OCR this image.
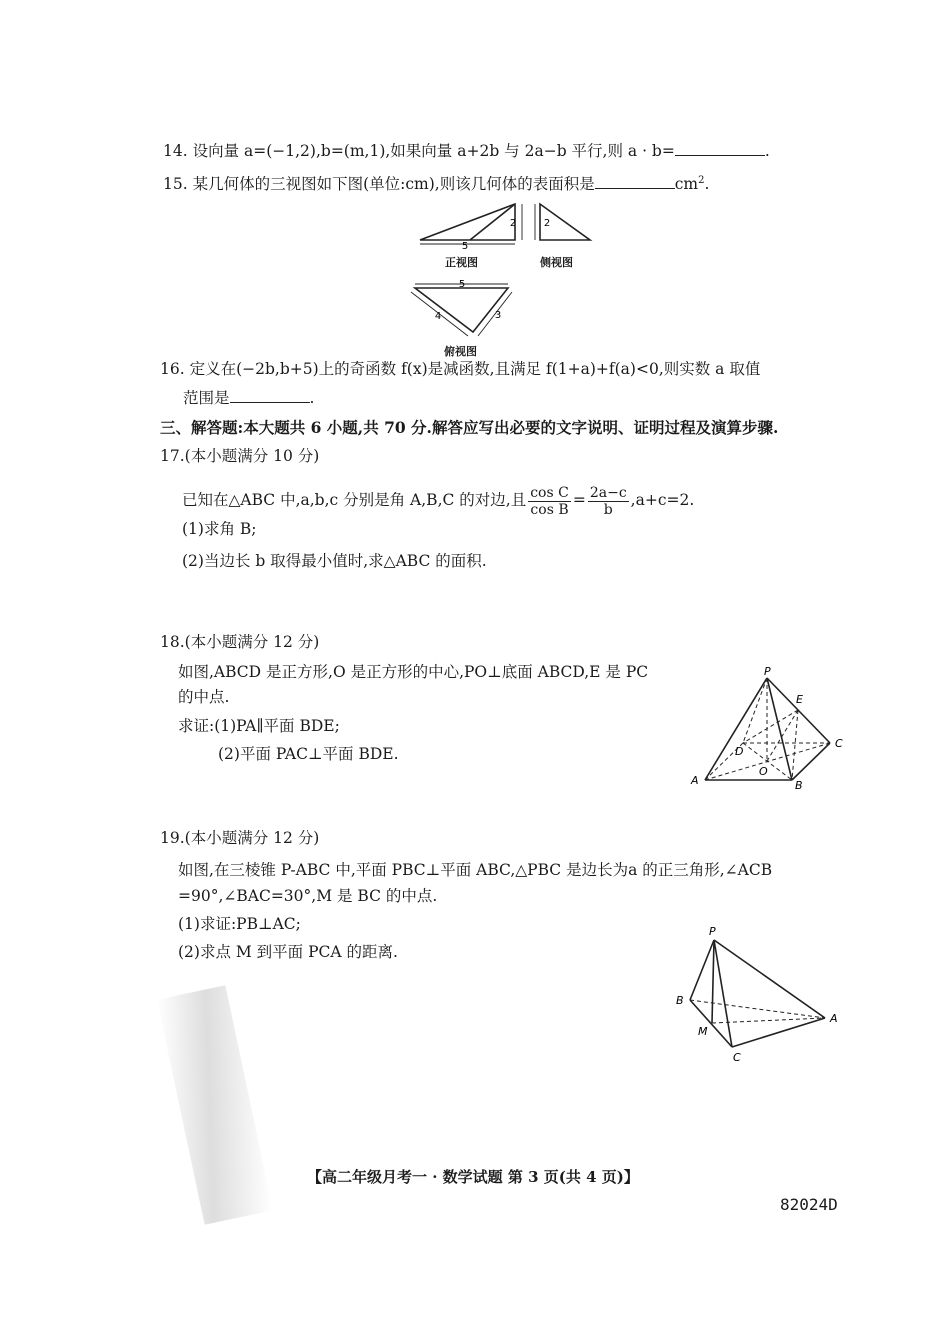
14. 设向量 a=(−1,2),b=(m,1),如果向量 a+2b 与 2a−b 平行,则 a · b=	.
15. 某几何体的三视图如下图(单位:cm),则该几何体的表面积是	$cm^2$.
5
2	2
5
4	3
正视图	侧视图
俯视图
16. 定义在(−2b,b+5)上的奇函数 f(x)是减函数,且满足 f(1+a)+f(a)<0,则实数 a 取值
范围是	.
三、解答题:本大题共 6 小题,共 70 分.解答应写出必要的文字说明、证明过程及演算步骤.
17.(本小题满分 10 分)
已知在△ABC 中,a,b,c 分别是角 A,B,C 的对边,且 $\frac{\text{cos C}}{\text{cos B}} = \frac{2a-c}{b} ,a+c=2$.
(1)求角 B;
(2)当边长 b 取得最小值时,求△ABC 的面积.
18.(本小题满分 12 分)
如图,ABCD 是正方形,O 是正方形的中心,PO⊥底面 ABCD,E 是 PC
的中点.
求证:(1)PA∥平面 BDE;
(2)平面 PAC⊥平面 BDE.
P
E
D
C
O
A	B
19.(本小题满分 12 分)
如图,在三棱锥 P-ABC 中,平面 PBC⊥平面 ABC,△PBC 是边长为a 的正三角形,∠ACB
=90°,∠BAC=30°,M 是 BC 的中点.
(1)求证:PB⊥AC;
(2)求点 M 到平面 PCA 的距离.
P
B
M
A
C
【高二年级月考一 · 数学试题 第 3 页(共 4 页)】
82024D
